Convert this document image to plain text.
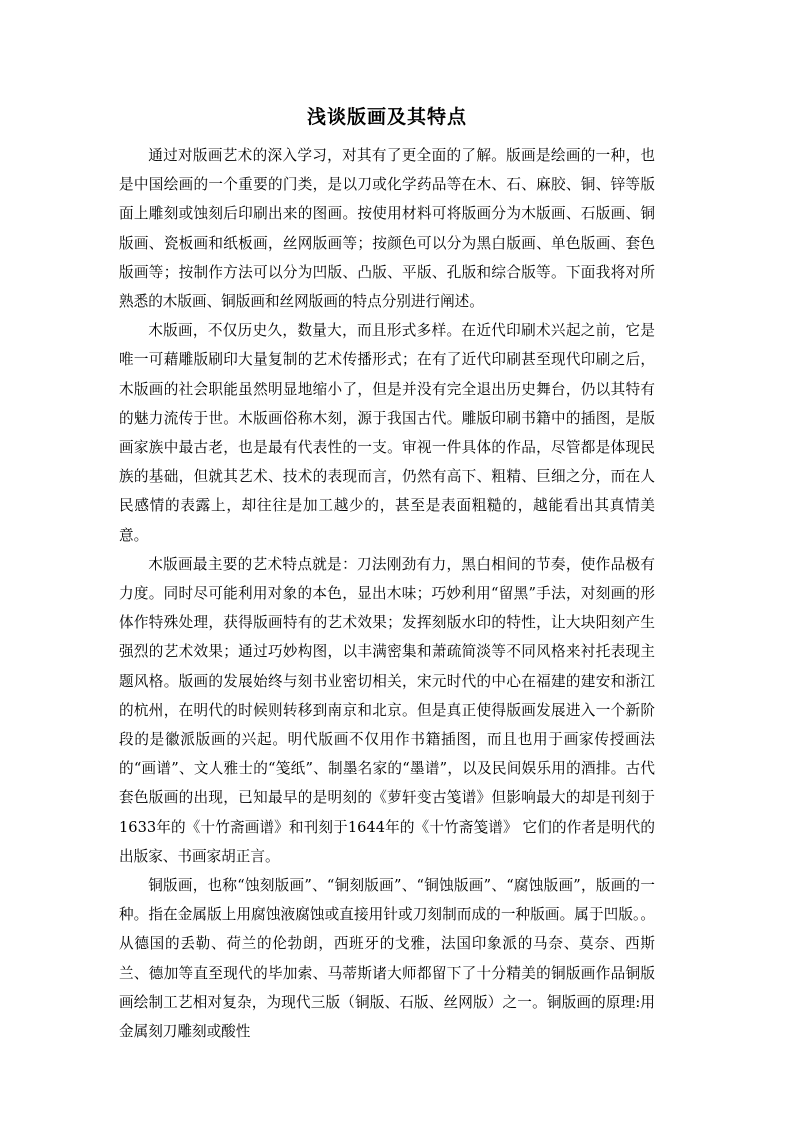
浅谈版画及其特点

通过对版画艺术的深入学习，对其有了更全面的了解。版画是绘画的一种，也是中国绘画的一个重要的门类，是以刀或化学药品等在木、石、麻胶、铜、锌等版面上雕刻或蚀刻后印刷出来的图画。按使用材料可将版画分为木版画、石版画、铜版画、瓷板画和纸板画，丝网版画等；按颜色可以分为黑白版画、单色版画、套色版画等；按制作方法可以分为凹版、凸版、平版、孔版和综合版等。下面我将对所熟悉的木版画、铜版画和丝网版画的特点分别进行阐述。

木版画，不仅历史久，数量大，而且形式多样。在近代印刷术兴起之前，它是唯一可藉雕版刷印大量复制的艺术传播形式；在有了近代印刷甚至现代印刷之后，木版画的社会职能虽然明显地缩小了，但是并没有完全退出历史舞台，仍以其特有的魅力流传于世。木版画俗称木刻，源于我国古代。雕版印刷书籍中的插图，是版画家族中最古老，也是最有代表性的一支。审视一件具体的作品，尽管都是体现民族的基础，但就其艺术、技术的表现而言，仍然有高下、粗精、巨细之分，而在人民感情的表露上，却往往是加工越少的，甚至是表面粗糙的，越能看出其真情美意。

木版画最主要的艺术特点就是：刀法刚劲有力，黑白相间的节奏，使作品极有力度。同时尽可能利用对象的本色，显出木味；巧妙利用“留黑”手法，对刻画的形体作特殊处理，获得版画特有的艺术效果；发挥刻版水印的特性，让大块阳刻产生强烈的艺术效果；通过巧妙构图，以丰满密集和萧疏简淡等不同风格来衬托表现主题风格。版画的发展始终与刻书业密切相关，宋元时代的中心在福建的建安和浙江的杭州，在明代的时候则转移到南京和北京。但是真正使得版画发展进入一个新阶段的是徽派版画的兴起。明代版画不仅用作书籍插图，而且也用于画家传授画法的“画谱”、文人雅士的“笺纸”、制墨名家的“墨谱”，以及民间娱乐用的酒排。古代套色版画的出现，已知最早的是明刻的《萝轩变古笺谱》但影响最大的却是刊刻于1633年的《十竹斋画谱》和刊刻于1644年的《十竹斋笺谱》 它们的作者是明代的出版家、书画家胡正言。

铜版画，也称“蚀刻版画”、“铜刻版画”、“铜蚀版画”、“腐蚀版画”，版画的一种。指在金属版上用腐蚀液腐蚀或直接用针或刀刻制而成的一种版画。属于凹版。。从德国的丢勒、荷兰的伦勃朗，西班牙的戈雅，法国印象派的马奈、莫奈、西斯兰、德加等直至现代的毕加索、马蒂斯诸大师都留下了十分精美的铜版画作品铜版画绘制工艺相对复杂，为现代三版（铜版、石版、丝网版）之一。铜版画的原理:用金属刻刀雕刻或酸性
